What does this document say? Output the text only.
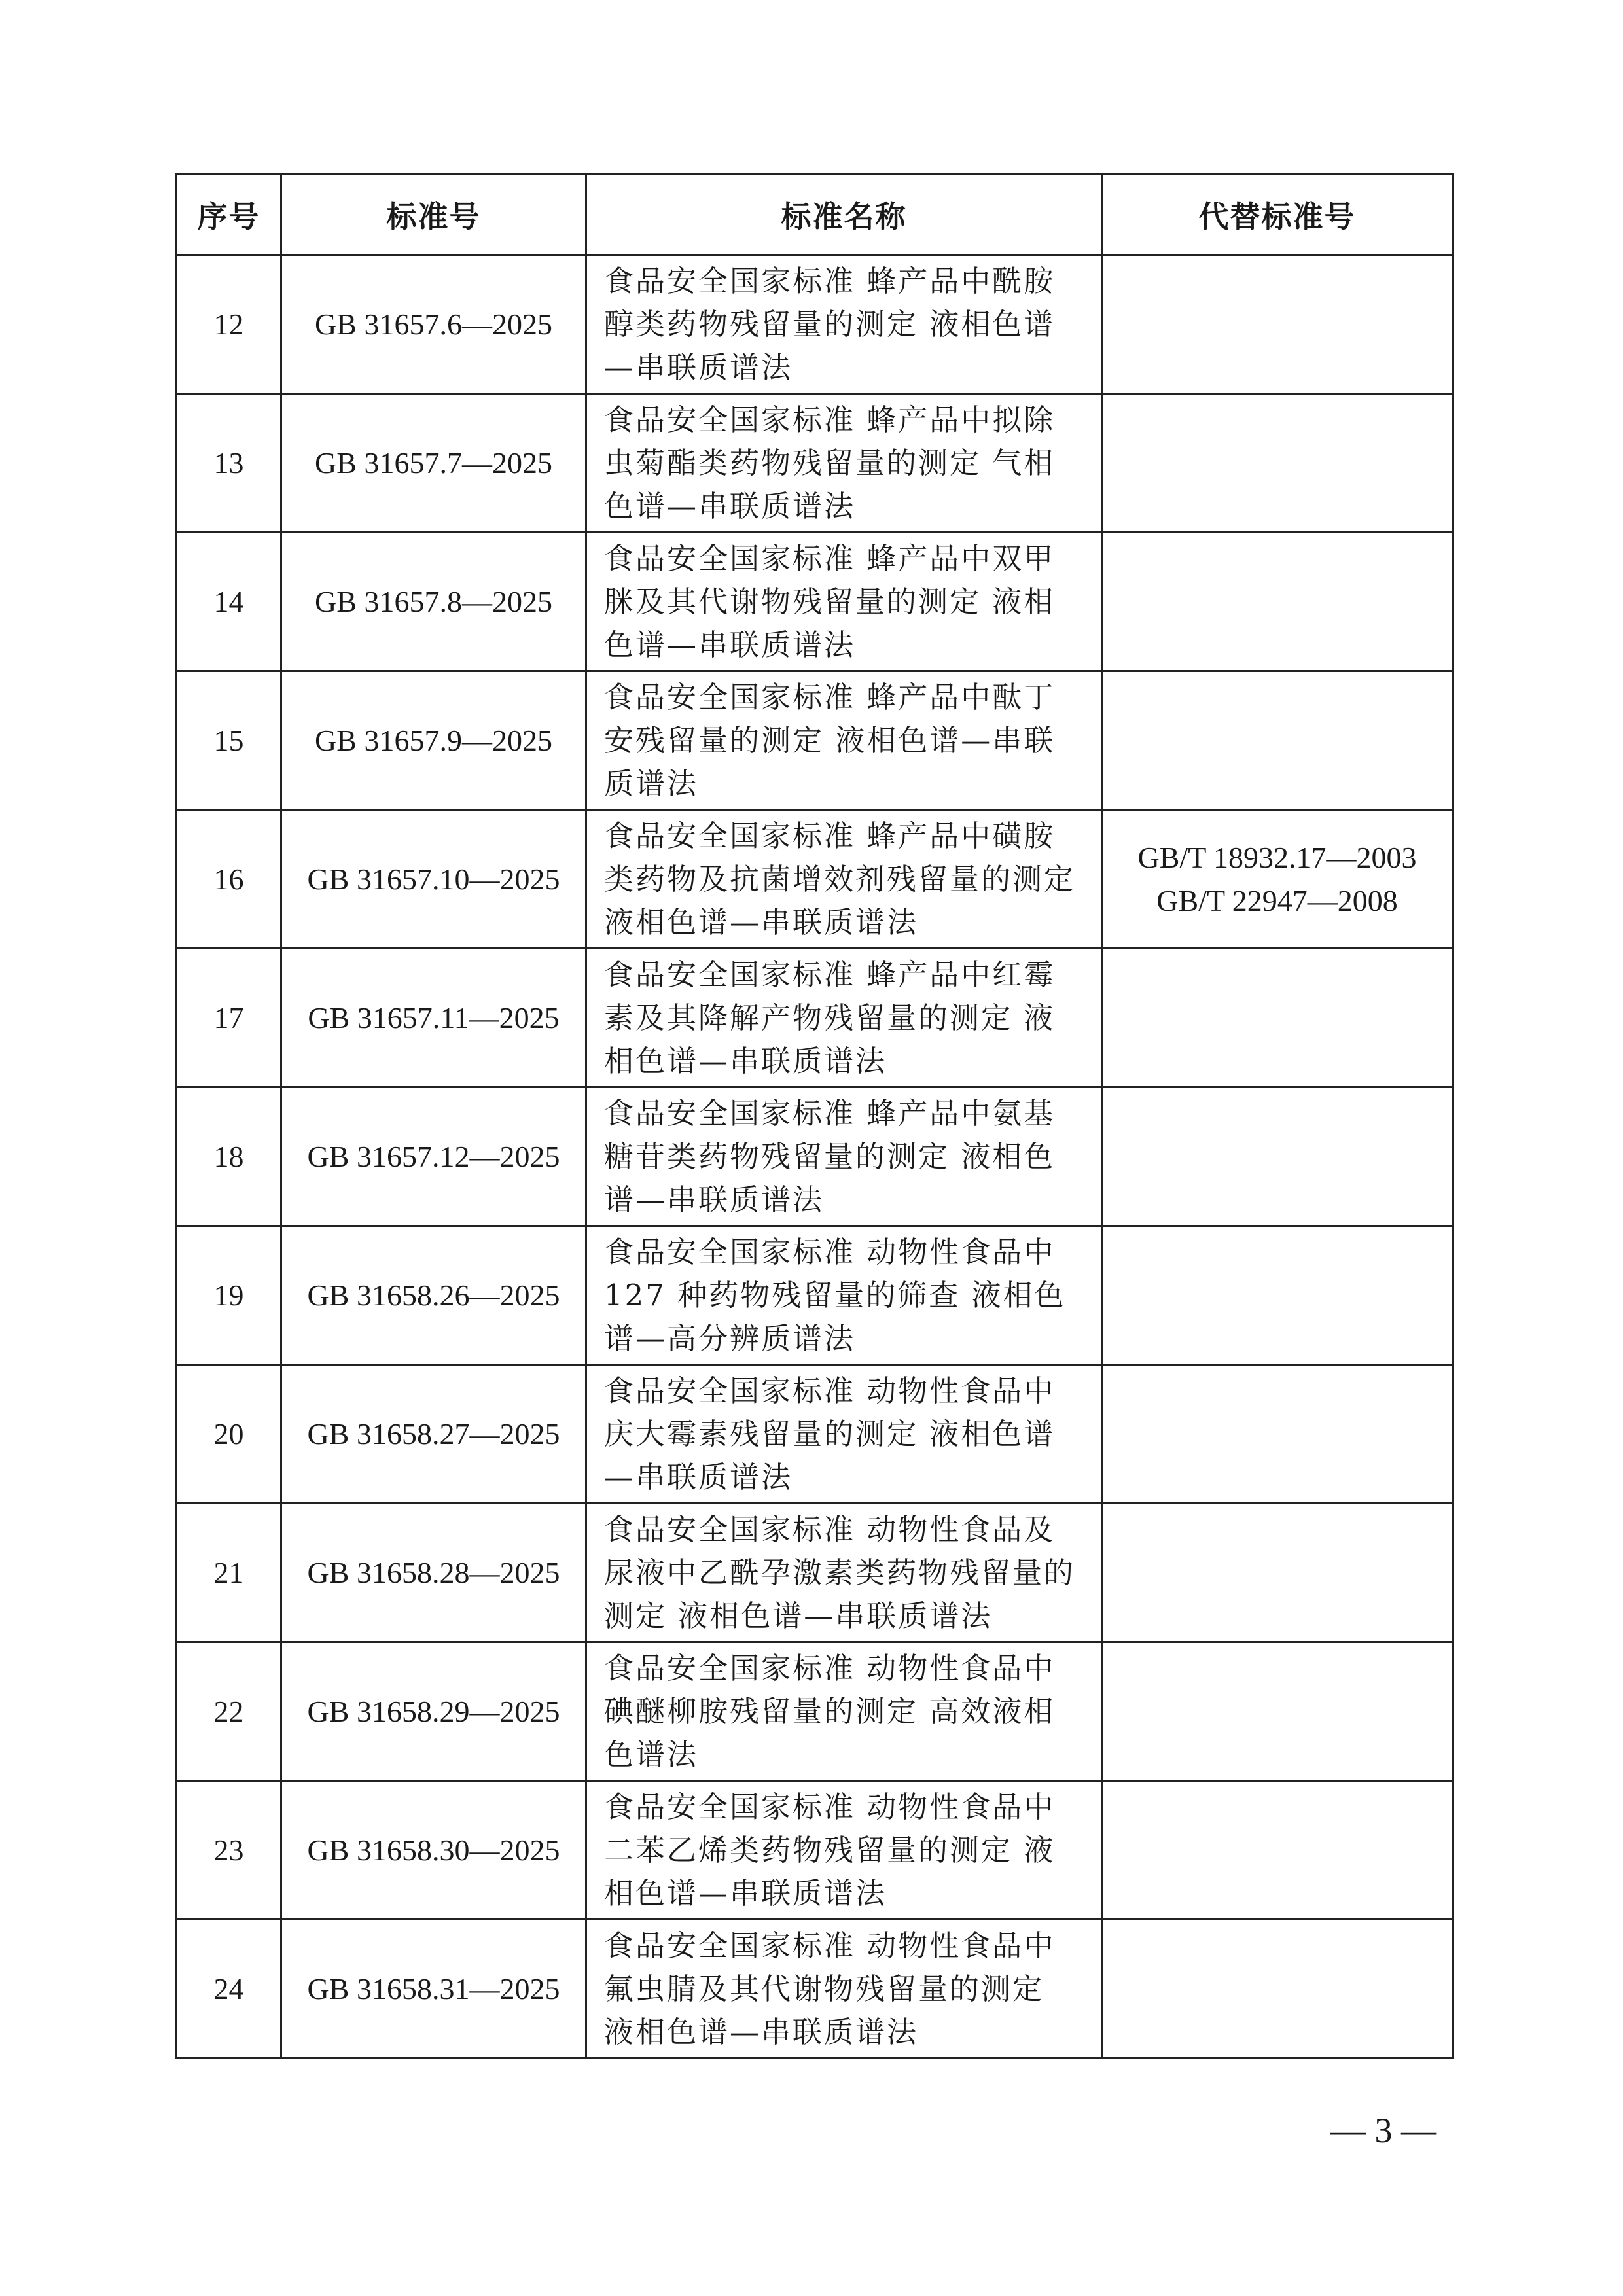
序号	标准号	标准名称	代替标准号
12	GB 31657.6—2025	食品安全国家标准 蜂产品中酰胺醇类药物残留量的测定 液相色谱—串联质谱法	
13	GB 31657.7—2025	食品安全国家标准 蜂产品中拟除虫菊酯类药物残留量的测定 气相色谱—串联质谱法	
14	GB 31657.8—2025	食品安全国家标准 蜂产品中双甲脒及其代谢物残留量的测定 液相色谱—串联质谱法	
15	GB 31657.9—2025	食品安全国家标准 蜂产品中酞丁安残留量的测定 液相色谱—串联质谱法	
16	GB 31657.10—2025	食品安全国家标准 蜂产品中磺胺类药物及抗菌增效剂残留量的测定 液相色谱—串联质谱法	GB/T 18932.17—2003
GB/T 22947—2008

17	GB 31657.11—2025	食品安全国家标准 蜂产品中红霉素及其降解产物残留量的测定 液相色谱—串联质谱法	
18	GB 31657.12—2025	食品安全国家标准 蜂产品中氨基糖苷类药物残留量的测定 液相色谱—串联质谱法	
19	GB 31658.26—2025	食品安全国家标准 动物性食品中127 种药物残留量的筛查 液相色谱—高分辨质谱法	
20	GB 31658.27—2025	食品安全国家标准 动物性食品中庆大霉素残留量的测定 液相色谱—串联质谱法	
21	GB 31658.28—2025	食品安全国家标准 动物性食品及尿液中乙酰孕激素类药物残留量的测定 液相色谱—串联质谱法	
22	GB 31658.29—2025	食品安全国家标准 动物性食品中碘醚柳胺残留量的测定 高效液相色谱法	
23	GB 31658.30—2025	食品安全国家标准 动物性食品中二苯乙烯类药物残留量的测定 液相色谱—串联质谱法	
24	GB 31658.31—2025	食品安全国家标准 动物性食品中氟虫腈及其代谢物残留量的测定 液相色谱—串联质谱法	
— 3 —
